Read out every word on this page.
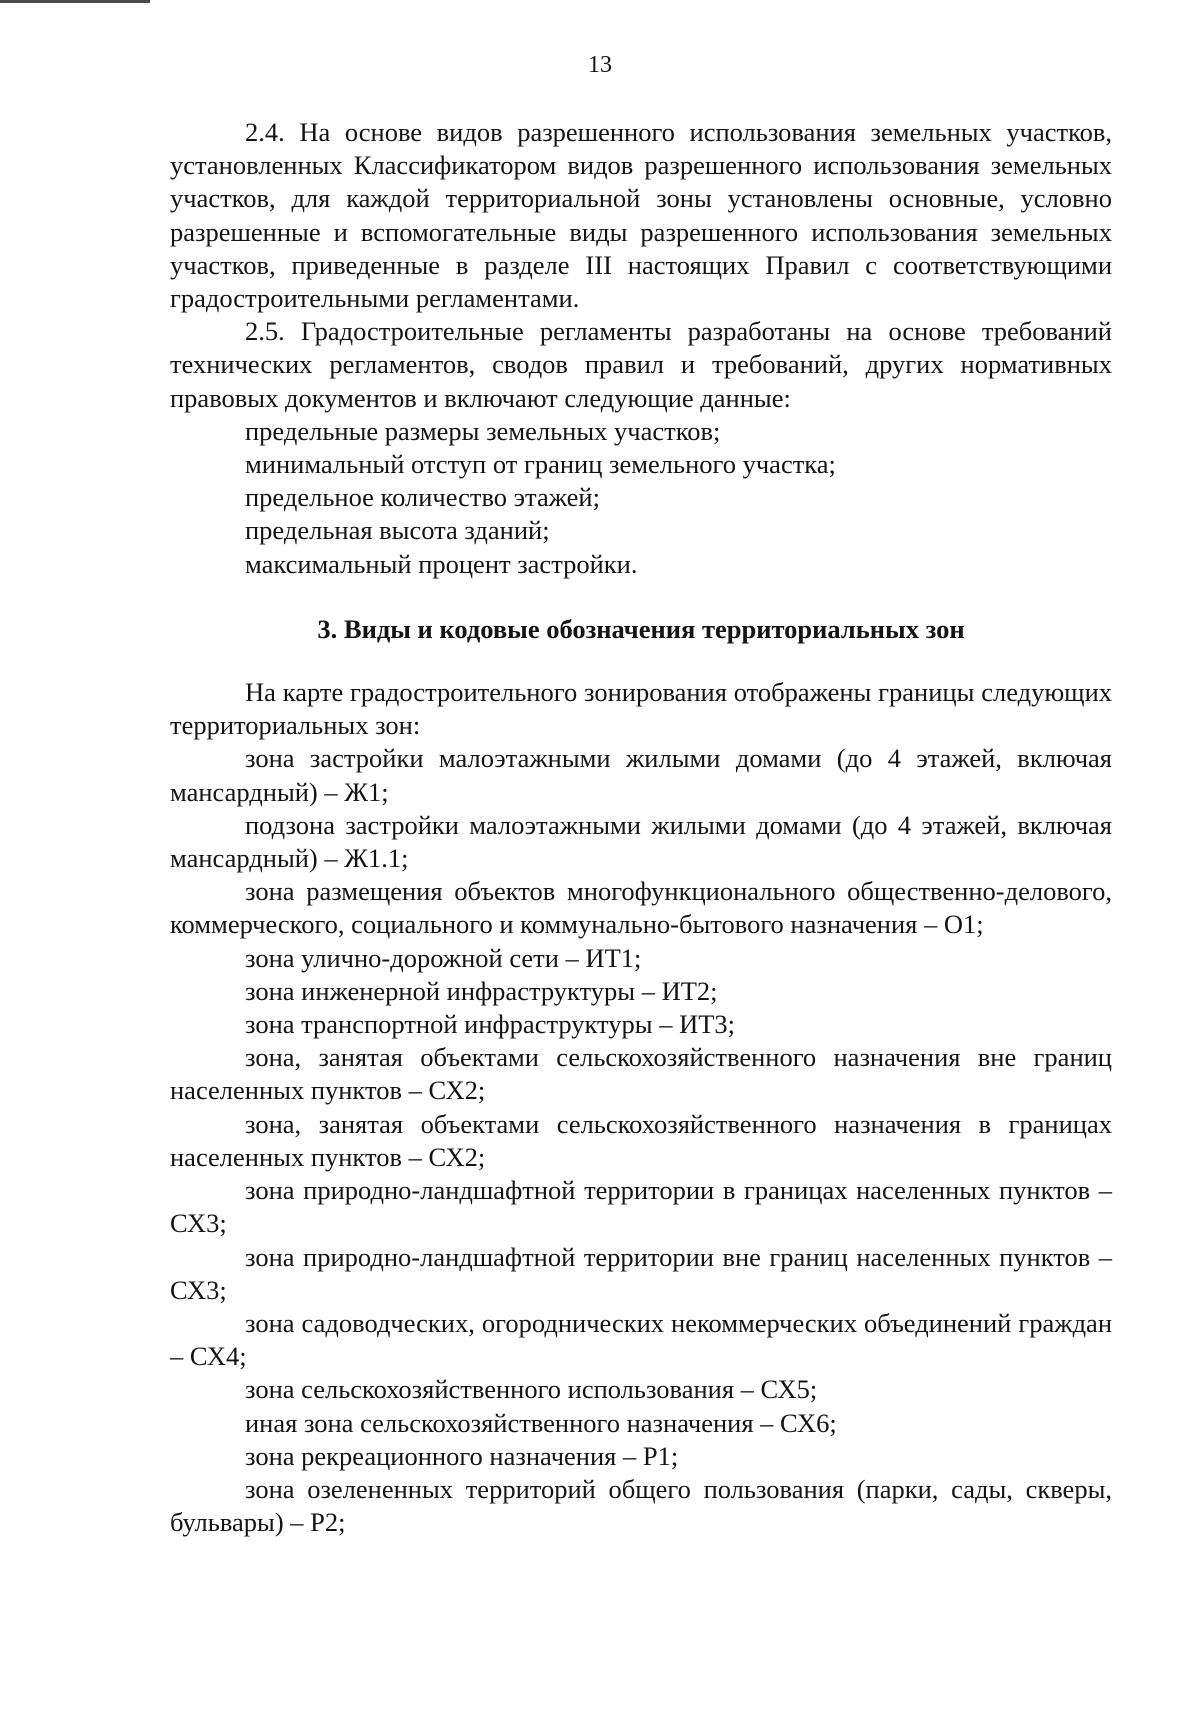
13

2.4. На основе видов разрешенного использования земельных участков, установленных Классификатором видов разрешенного использования земельных участков, для каждой территориальной зоны установлены основные, условно разрешенные и вспомогательные виды разрешенного использования земельных участков, приведенные в разделе III настоящих Правил с соответствующими градостроительными регламентами.

2.5. Градостроительные регламенты разработаны на основе требований технических регламентов, сводов правил и требований, других нормативных правовых документов и включают следующие данные:

предельные размеры земельных участков;

минимальный отступ от границ земельного участка;

предельное количество этажей;

предельная высота зданий;

максимальный процент застройки.

3. Виды и кодовые обозначения территориальных зон

На карте градостроительного зонирования отображены границы следующих территориальных зон:

зона застройки малоэтажными жилыми домами (до 4 этажей, включая мансардный) – Ж1;

подзона застройки малоэтажными жилыми домами (до 4 этажей, включая мансардный) – Ж1.1;

зона размещения объектов многофункционального общественно-делового, коммерческого, социального и коммунально-бытового назначения – О1;

зона улично-дорожной сети – ИТ1;

зона инженерной инфраструктуры – ИТ2;

зона транспортной инфраструктуры – ИТ3;

зона, занятая объектами сельскохозяйственного назначения вне границ населенных пунктов – СХ2;

зона, занятая объектами сельскохозяйственного назначения в границах населенных пунктов – СХ2;

зона природно-ландшафтной территории в границах населенных пунктов – СХ3;

зона природно-ландшафтной территории вне границ населенных пунктов – СХ3;

зона садоводческих, огороднических некоммерческих объединений граждан – СХ4;

зона сельскохозяйственного использования – СХ5;

иная зона сельскохозяйственного назначения – СХ6;

зона рекреационного назначения – Р1;

зона озелененных территорий общего пользования (парки, сады, скверы, бульвары) – Р2;
